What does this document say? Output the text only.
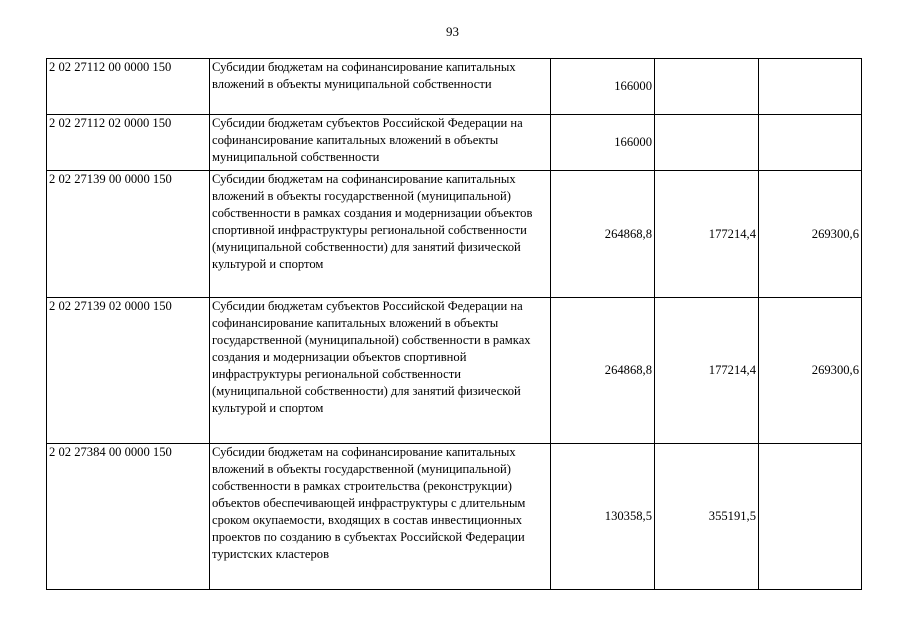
93
2 02 27112 00 0000 150	Субсидии бюджетам на софинансирование капитальных вложений в объекты муниципальной собственности	166000		
2 02 27112 02 0000 150	Субсидии бюджетам субъектов Российской Федерации на софинансирование капитальных вложений в объекты муниципальной собственности	166000		
2 02 27139 00 0000 150	Субсидии бюджетам на софинансирование капитальных вложений в объекты государственной (муниципальной) собственности в рамках создания и модернизации объектов спортивной инфраструктуры региональной собственности (муниципальной собственности) для занятий физической культурой и спортом	264868,8	177214,4	269300,6
2 02 27139 02 0000 150	Субсидии бюджетам субъектов Российской Федерации на софинансирование капитальных вложений в объекты государственной (муниципальной) собственности в рамках создания и модернизации объектов спортивной инфраструктуры региональной собственности (муниципальной собственности) для занятий физической культурой и спортом	264868,8	177214,4	269300,6
2 02 27384 00 0000 150	Субсидии бюджетам на софинансирование капитальных вложений в объекты государственной (муниципальной) собственности в рамках строительства (реконструкции) объектов обеспечивающей инфраструктуры с длительным сроком окупаемости, входящих в состав инвестиционных проектов по созданию в субъектах Российской Федерации туристских кластеров	130358,5	355191,5	
